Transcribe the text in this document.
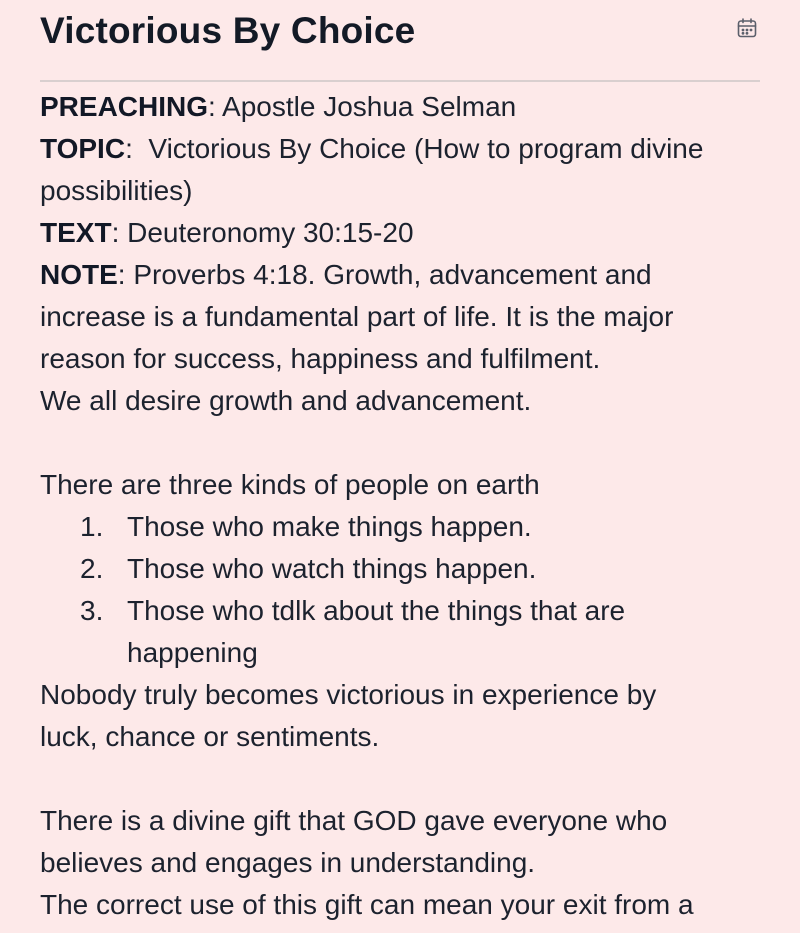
Victorious By Choice
PREACHING: Apostle Joshua Selman
TOPIC:  Victorious By Choice (How to program divine
possibilities)
TEXT: Deuteronomy 30:15-20
NOTE: Proverbs 4:18. Growth, advancement and
increase is a fundamental part of life. It is the major
reason for success, happiness and fulfilment.
We all desire growth and advancement.
There are three kinds of people on earth
1. Those who make things happen.
2. Those who watch things happen.
3. Those who tdlk about the things that are
happening
Nobody truly becomes victorious in experience by
luck, chance or sentiments.
There is a divine gift that GOD gave everyone who
believes and engages in understanding.
The correct use of this gift can mean your exit from a
